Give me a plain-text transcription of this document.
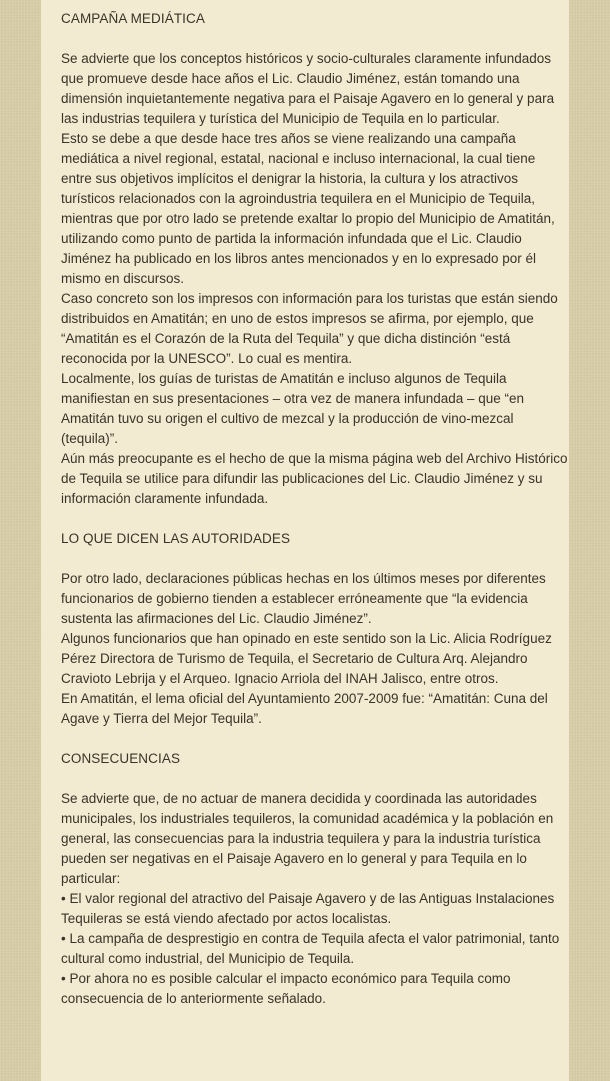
CAMPAÑA MEDIÁTICA

Se advierte que los conceptos históricos y socio-culturales claramente infundados que promueve desde hace años el Lic. Claudio Jiménez, están tomando una dimensión inquietantemente negativa para el Paisaje Agavero en lo general y para las industrias tequilera y turística del Municipio de Tequila en lo particular.

Esto se debe a que desde hace tres años se viene realizando una campaña mediática a nivel regional, estatal, nacional e incluso internacional, la cual tiene entre sus objetivos implícitos el denigrar la historia, la cultura y los atractivos turísticos relacionados con la agroindustria tequilera en el Municipio de Tequila, mientras que por otro lado se pretende exaltar lo propio del Municipio de Amatitán, utilizando como punto de partida la información infundada que el Lic. Claudio Jiménez ha publicado en los libros antes mencionados y en lo expresado por él mismo en discursos.

Caso concreto son los impresos con información para los turistas que están siendo distribuidos en Amatitán; en uno de estos impresos se afirma, por ejemplo, que “Amatitán es el Corazón de la Ruta del Tequila” y que dicha distinción “está reconocida por la UNESCO”. Lo cual es mentira.

Localmente, los guías de turistas de Amatitán e incluso algunos de Tequila manifiestan en sus presentaciones – otra vez de manera infundada – que “en Amatitán tuvo su origen el cultivo de mezcal y la producción de vino-mezcal (tequila)”.

Aún más preocupante es el hecho de que la misma página web del Archivo Histórico de Tequila se utilice para difundir las publicaciones del Lic. Claudio Jiménez y su información claramente infundada.

LO QUE DICEN LAS AUTORIDADES

Por otro lado, declaraciones públicas hechas en los últimos meses por diferentes funcionarios de gobierno tienden a establecer erróneamente que “la evidencia sustenta las afirmaciones del Lic. Claudio Jiménez”.

Algunos funcionarios que han opinado en este sentido son la Lic. Alicia Rodríguez Pérez Directora de Turismo de Tequila, el Secretario de Cultura Arq. Alejandro Cravioto Lebrija y el Arqueo. Ignacio Arriola del INAH Jalisco, entre otros.

En Amatitán, el lema oficial del Ayuntamiento 2007-2009 fue: “Amatitán: Cuna del Agave y Tierra del Mejor Tequila”.

CONSECUENCIAS

Se advierte que, de no actuar de manera decidida y coordinada las autoridades municipales, los industriales tequileros, la comunidad académica y la población en general, las consecuencias para la industria tequilera y para la industria turística pueden ser negativas en el Paisaje Agavero en lo general y para Tequila en lo particular:

• El valor regional del atractivo del Paisaje Agavero y de las Antiguas Instalaciones Tequileras se está viendo afectado por actos localistas.
• La campaña de desprestigio en contra de Tequila afecta el valor patrimonial, tanto cultural como industrial, del Municipio de Tequila.
• Por ahora no es posible calcular el impacto económico para Tequila como consecuencia de lo anteriormente señalado.
